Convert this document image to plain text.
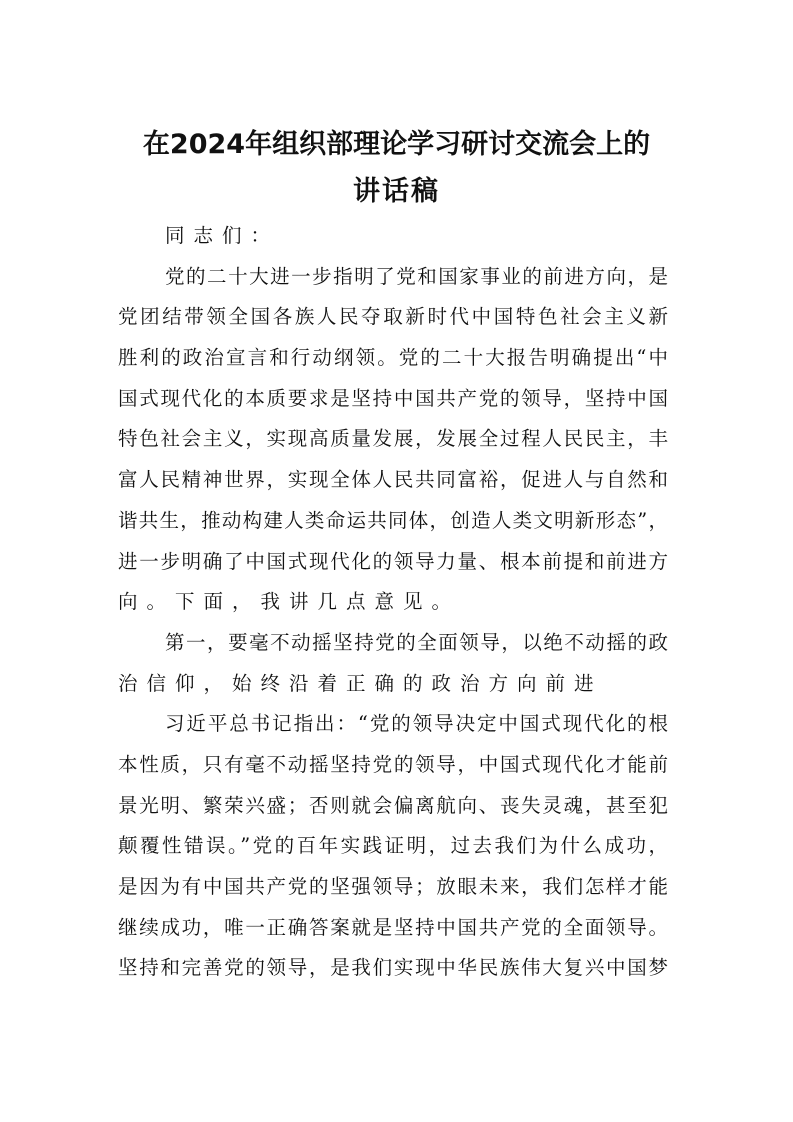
在2024年组织部理论学习研讨交流会上的
讲话稿
同志们：
党的二十大进一步指明了党和国家事业的前进方向，是
党团结带领全国各族人民夺取新时代中国特色社会主义新
胜利的政治宣言和行动纲领。党的二十大报告明确提出“中
国式现代化的本质要求是坚持中国共产党的领导，坚持中国
特色社会主义，实现高质量发展，发展全过程人民民主，丰
富人民精神世界，实现全体人民共同富裕，促进人与自然和
谐共生，推动构建人类命运共同体，创造人类文明新形态”，
进一步明确了中国式现代化的领导力量、根本前提和前进方
向。下面，我讲几点意见。
第一，要毫不动摇坚持党的全面领导，以绝不动摇的政
治信仰，始终沿着正确的政治方向前进
习近平总书记指出：“党的领导决定中国式现代化的根
本性质，只有毫不动摇坚持党的领导，中国式现代化才能前
景光明、繁荣兴盛；否则就会偏离航向、丧失灵魂，甚至犯
颠覆性错误。”党的百年实践证明，过去我们为什么成功，
是因为有中国共产党的坚强领导；放眼未来，我们怎样才能
继续成功，唯一正确答案就是坚持中国共产党的全面领导。
坚持和完善党的领导，是我们实现中华民族伟大复兴中国梦
